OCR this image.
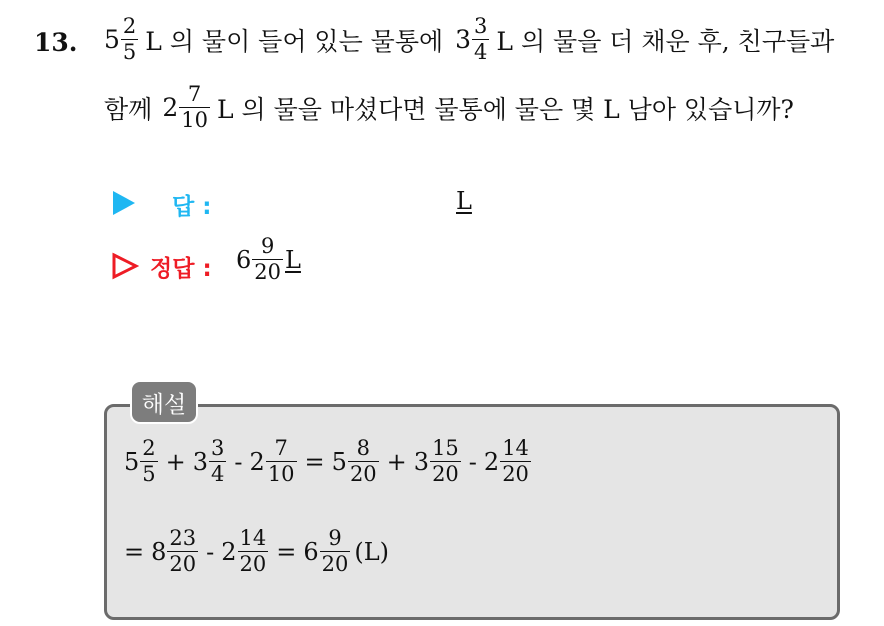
13. $5 \frac{2}{5}$ L 의 물이 들어 있는 물통에 $3 \frac{3}{4}$ L 의 물을 더 채운 후, 친구들과
함께 $2 \frac{7}{10}$ L 의 물을 마셨다면 물통에 물은 몇 L 남아 있습니까?
답 :	L
정답 : $6 \frac{9}{20}$ L
해설
$5 \frac{2}{5} + 3 \frac{3}{4} - 2 \frac{7}{10} = 5 \frac{8}{20} + 3 \frac{15}{20} - 2 \frac{14}{20}$
= $8 \frac{23}{20} - 2 \frac{14}{20} = 6 \frac{9}{20} (L)$
